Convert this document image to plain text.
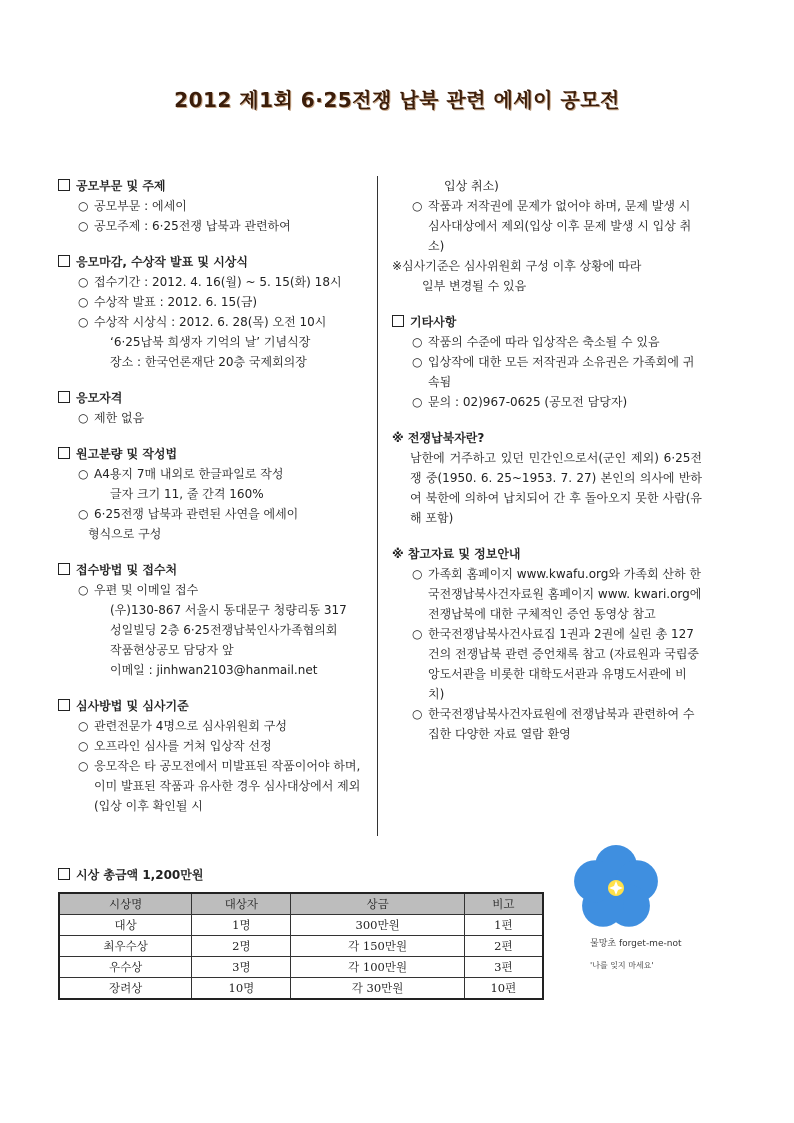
2012 제1회 6·25전쟁 납북 관련 에세이 공모전
공모부문 및 주제
○ 공모부문 : 에세이
○ 공모주제 : 6·25전쟁 납북과 관련하여
응모마감, 수상작 발표 및 시상식
○ 접수기간 : 2012. 4. 16(월) ~ 5. 15(화) 18시
○ 수상작 발표 : 2012. 6. 15(금)
○ 수상작 시상식 : 2012. 6. 28(목) 오전 10시
‘6·25납북 희생자 기억의 날’ 기념식장
장소 : 한국언론재단 20층 국제회의장
응모자격
○ 제한 없음
원고분량 및 작성법
○ A4용지 7매 내외로 한글파일로 작성
글자 크기 11, 줄 간격 160%
○ 6·25전쟁 납북과 관련된 사연을 에세이
형식으로 구성
접수방법 및 접수처
○ 우편 및 이메일 접수
(우)130-867 서울시 동대문구 청량리동 317
성일빌딩 2층 6·25전쟁납북인사가족협의회
작품현상공모 담당자 앞
이메일 : jinhwan2103@hanmail.net
심사방법 및 심사기준
○ 관련전문가 4명으로 심사위원회 구성
○ 오프라인 심사를 거쳐 입상작 선정
○ 응모작은 타 공모전에서 미발표된 작품이어야 하며, 이미 발표된 작품과 유사한 경우 심사대상에서 제외(입상 이후 확인될 시
입상 취소)
○ 작품과 저작권에 문제가 없어야 하며, 문제 발생 시 심사대상에서 제외(입상 이후 문제 발생 시 입상 취소)
※심사기준은 심사위원회 구성 이후 상황에 따라
일부 변경될 수 있음
기타사항
○ 작품의 수준에 따라 입상작은 축소될 수 있음
○ 입상작에 대한 모든 저작권과 소유권은 가족회에 귀속됨
○ 문의 : 02)967-0625 (공모전 담당자)
※ 전쟁납북자란?
남한에 거주하고 있던 민간인으로서(군인 제외) 6·25전쟁 중(1950. 6. 25~1953. 7. 27) 본인의 의사에 반하여 북한에 의하여 납치되어 간 후 돌아오지 못한 사람(유해 포함)
※ 참고자료 및 정보안내
○ 가족회 홈페이지 www.kwafu.org와 가족회 산하 한국전쟁납북사건자료원 홈페이지 www. kwari.org에 전쟁납북에 대한 구체적인 증언 동영상 참고
○ 한국전쟁납북사건사료집 1권과 2권에 실린 총 127건의 전쟁납북 관련 증언채록 참고 (자료원과 국립중앙도서관을 비롯한 대학도서관과 유명도서관에 비치)
○ 한국전쟁납북사건자료원에 전쟁납북과 관련하여 수집한 다양한 자료 열람 환영
시상 총금액 1,200만원
시상명	대상자	상금	비고
대상	1명	300만원	1편
최우수상	2명	각 150만원	2편
우수상	3명	각 100만원	3편
장려상	10명	각 30만원	10편
물망초 forget-me-not
'나를 잊지 마세요'
